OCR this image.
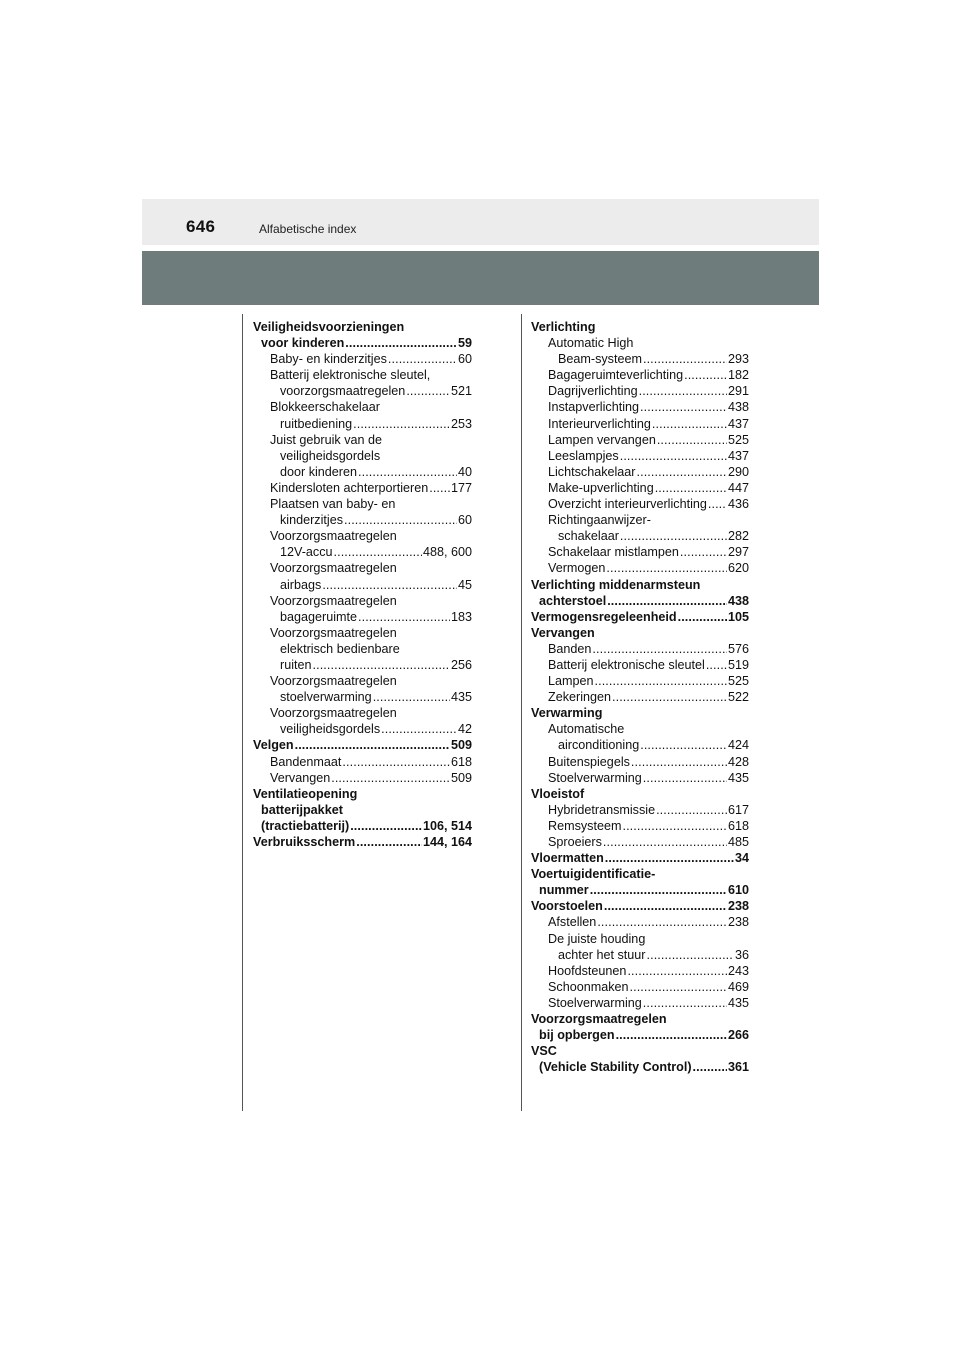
646	Alfabetische index
Veiligheidsvoorzieningen
voor kinderen . . .	59
Baby- en kinderzitjes . . .	60
Batterij elektronische sleutel,
voorzorgsmaatregelen . . .	521
Blokkeerschakelaar
ruitbediening . . .	253
Juist gebruik van de
veiligheidsgordels
door kinderen . . .	40
Kindersloten achterportieren . . . 177
Plaatsen van baby- en
kinderzitjes . . .	60
Voorzorgsmaatregelen
12V-accu . . .	488, 600
Voorzorgsmaatregelen
airbags . . .	45
Voorzorgsmaatregelen
bagageruimte . . .	183
Voorzorgsmaatregelen
elektrisch bedienbare
ruiten . . .	256
Voorzorgsmaatregelen
stoelverwarming . . .	435
Voorzorgsmaatregelen
veiligheidsgordels . . .	42
Velgen . . .	509
Bandenmaat . . .	618
Vervangen . . .	509
Ventilatieopening
batterijpakket
(tractiebatterij) . . .	106, 514
Verbruiksscherm . . .	144, 164
Verlichting
Automatic High
Beam-systeem . . .	293
Bagageruimteverlichting . . .	182
Dagrijverlichting . . .	291
Instapverlichting . . .	438
Interieurverlichting . . .	437
Lampen vervangen . . .	525
Leeslampjes . . .	437
Lichtschakelaar . . .	290
Make-upverlichting . . .	447
Overzicht interieurverlichting . . . 436
Richtingaanwijzer-
schakelaar . . .	282
Schakelaar mistlampen . . .	297
Vermogen . . .	620
Verlichting middenarmsteun
achterstoel . . .	438
Vermogensregeleenheid . . .	105
Vervangen
Banden . . .	576
Batterij elektronische sleutel . . . 519
Lampen . . .	525
Zekeringen . . .	522
Verwarming
Automatische
airconditioning . . .	424
Buitenspiegels . . .	428
Stoelverwarming . . .	435
Vloeistof
Hybridetransmissie . . .	617
Remsysteem . . .	618
Sproeiers . . .	485
Vloermatten . . .	34
Voertuigidentificatie-
nummer . . .	610
Voorstoelen . . .	238
Afstellen . . .	238
De juiste houding
achter het stuur . . .	36
Hoofdsteunen . . .	243
Schoonmaken . . .	469
Stoelverwarming . . .	435
Voorzorgsmaatregelen
bij opbergen . . .	266
VSC
(Vehicle Stability Control) . . .	361
